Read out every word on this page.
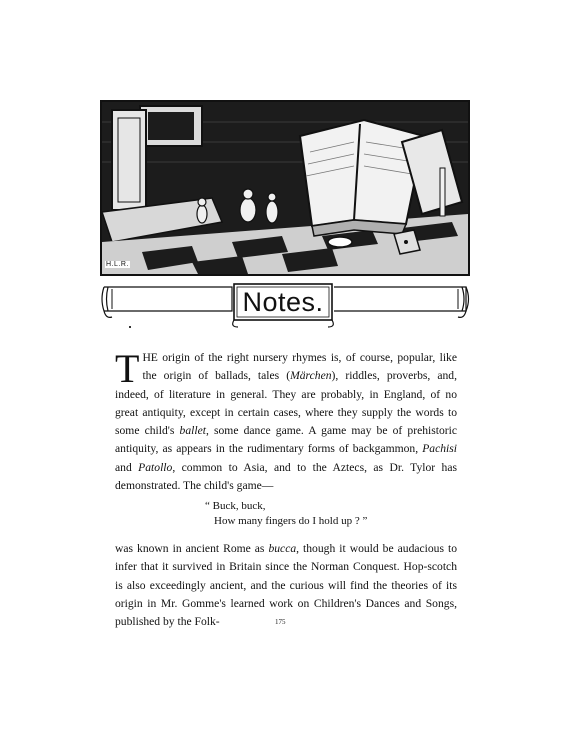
H.L.R.
Notes.

THE origin of the right nursery rhymes is, of course, popular, like the origin of ballads, tales (Märchen), riddles, proverbs, and, indeed, of literature in general. They are probably, in England, of no great antiquity, except in certain cases, where they supply the words to some child's ballet, some dance game. A game may be of prehistoric antiquity, as appears in the rudimentary forms of backgammon, Pachisi and Patollo, common to Asia, and to the Aztecs, as Dr. Tylor has demonstrated. The child's game—

“ Buck, buck,
How many fingers do I hold up ? ”

was known in ancient Rome as bucca, though it would be audacious to infer that it survived in Britain since the Norman Conquest. Hop-scotch is also exceedingly ancient, and the curious will find the theories of its origin in Mr. Gomme's learned work on Children's Dances and Songs, published by the Folk-	175
